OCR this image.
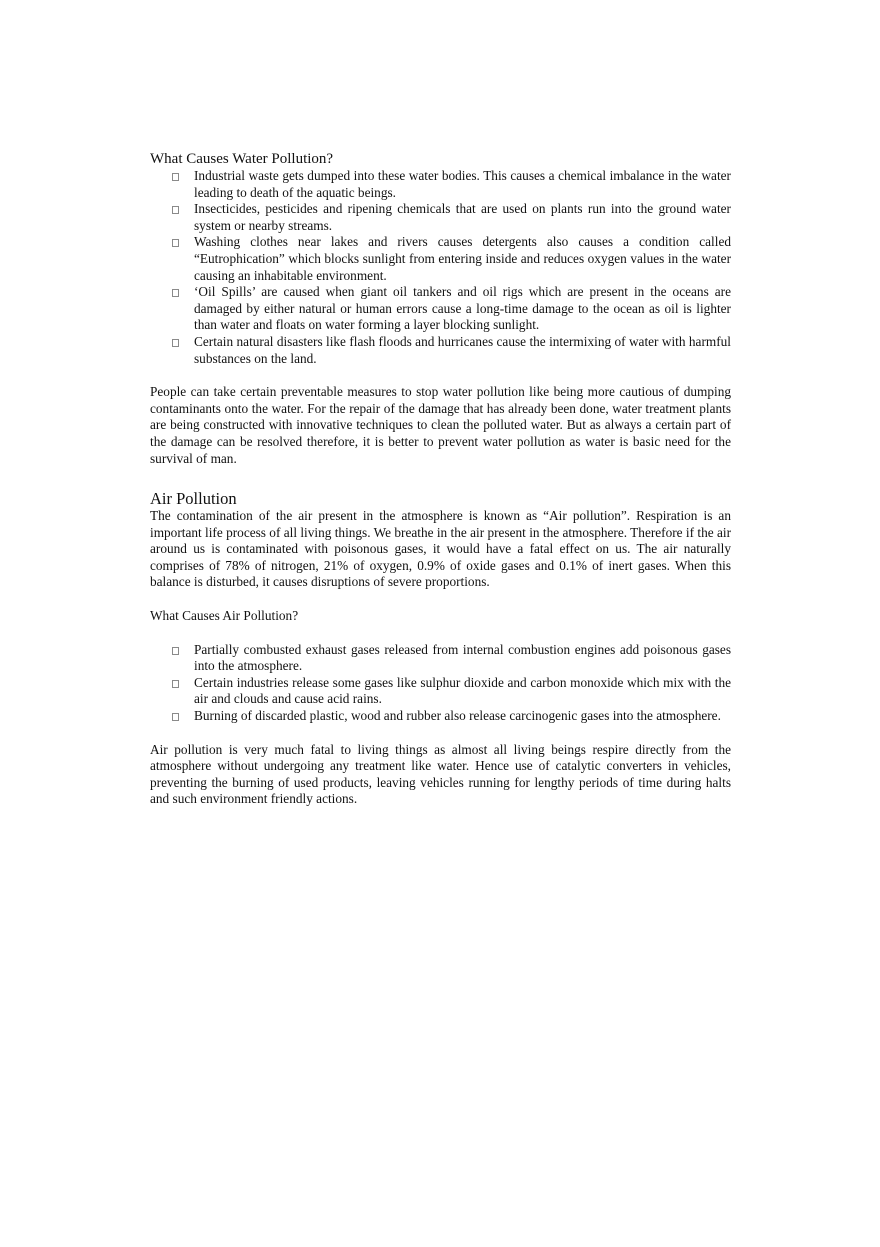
What Causes Water Pollution?
Industrial waste gets dumped into these water bodies. This causes a chemical imbalance in the water leading to death of the aquatic beings.
Insecticides, pesticides and ripening chemicals that are used on plants run into the ground water system or nearby streams.
Washing clothes near lakes and rivers causes detergents also causes a condition called “Eutrophication” which blocks sunlight from entering inside and reduces oxygen values in the water causing an inhabitable environment.
‘Oil Spills’ are caused when giant oil tankers and oil rigs which are present in the oceans are damaged by either natural or human errors cause a long-time damage to the ocean as oil is lighter than water and floats on water forming a layer blocking sunlight.
Certain natural disasters like flash floods and hurricanes cause the intermixing of water with harmful substances on the land.

People can take certain preventable measures to stop water pollution like being more cautious of dumping contaminants onto the water. For the repair of the damage that has already been done, water treatment plants are being constructed with innovative techniques to clean the polluted water. But as always a certain part of the damage can be resolved therefore, it is better to prevent water pollution as water is basic need for the survival of man.

Air Pollution

The contamination of the air present in the atmosphere is known as “Air pollution”. Respiration is an important life process of all living things. We breathe in the air present in the atmosphere. Therefore if the air around us is contaminated with poisonous gases, it would have a fatal effect on us. The air naturally comprises of 78% of nitrogen, 21% of oxygen, 0.9% of oxide gases and 0.1% of inert gases. When this balance is disturbed, it causes disruptions of severe proportions.

What Causes Air Pollution?

Partially combusted exhaust gases released from internal combustion engines add poisonous gases into the atmosphere.
Certain industries release some gases like sulphur dioxide and carbon monoxide which mix with the air and clouds and cause acid rains.
Burning of discarded plastic, wood and rubber also release carcinogenic gases into the atmosphere.

Air pollution is very much fatal to living things as almost all living beings respire directly from the atmosphere without undergoing any treatment like water. Hence use of catalytic converters in vehicles, preventing the burning of used products, leaving vehicles running for lengthy periods of time during halts and such environment friendly actions.
